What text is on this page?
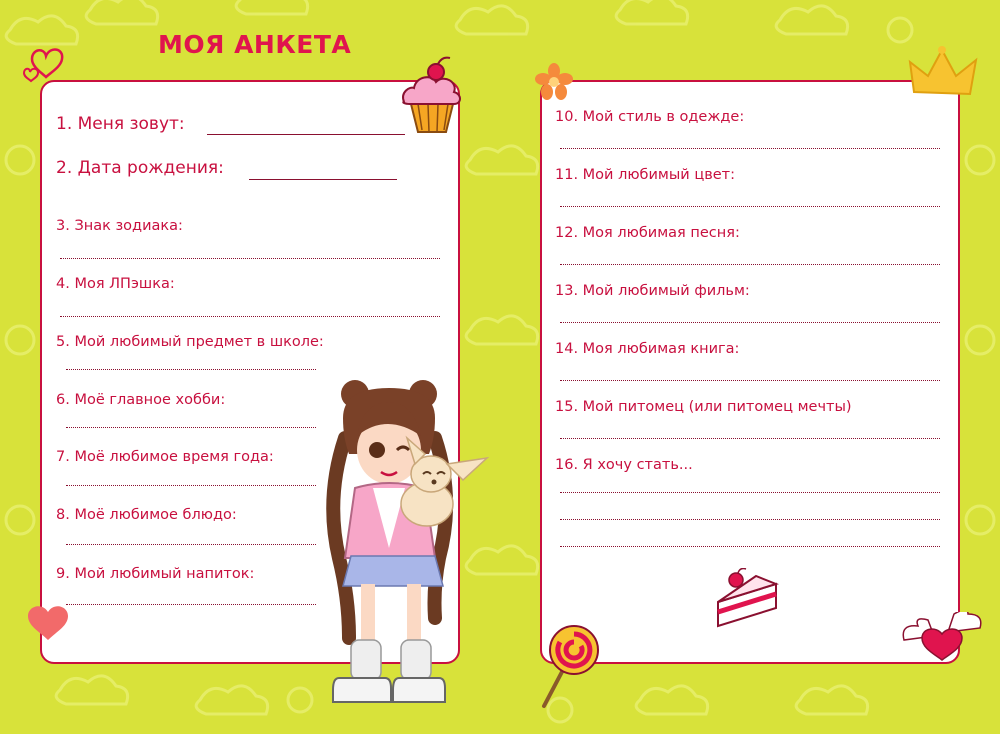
МОЯ АНКЕТА

1. Меня зовут:

2. Дата рождения:

3. Знак зодиака:

4. Моя ЛПэшка:

5. Мой любимый предмет в школе:

6. Моё главное хобби:

7. Моё любимое время года:

8. Моё любимое блюдо:

9. Мой любимый напиток:

10. Мой стиль в одежде:

11. Мой любимый цвет:

12. Моя любимая песня:

13. Мой любимый фильм:

14. Моя любимая книга:

15. Мой питомец (или питомец мечты)

16. Я хочу стать...
